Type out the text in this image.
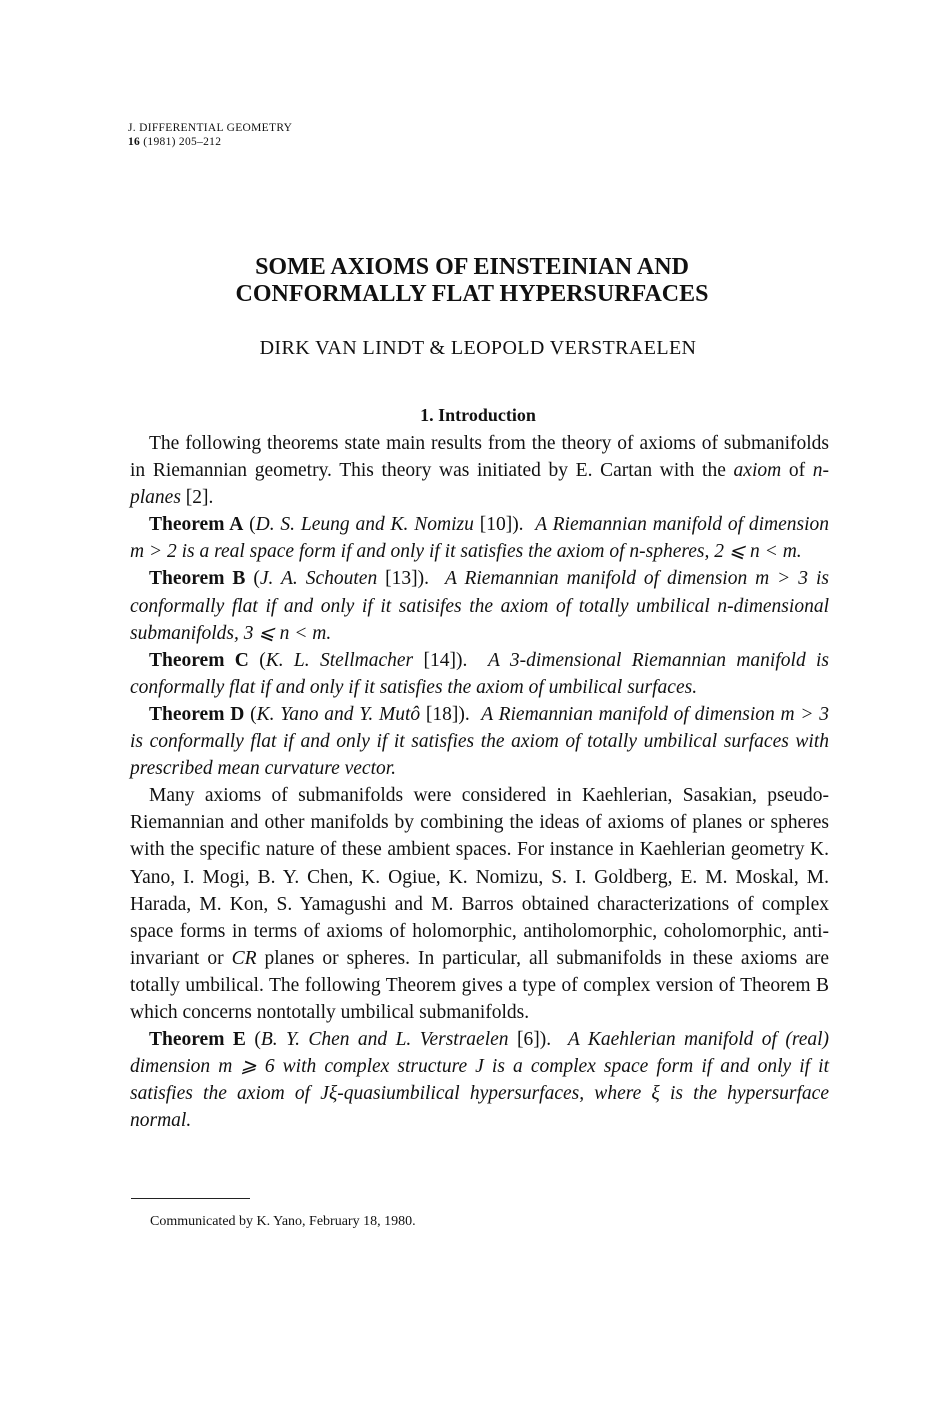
J. DIFFERENTIAL GEOMETRY
16 (1981) 205–212
SOME AXIOMS OF EINSTEINIAN AND
CONFORMALLY FLAT HYPERSURFACES
DIRK VAN LINDT & LEOPOLD VERSTRAELEN
1. Introduction

The following theorems state main results from the theory of axioms of submanifolds in Riemannian geometry. This theory was initiated by E. Cartan with the axiom of n-planes [2].

Theorem A (D. S. Leung and K. Nomizu [10]). A Riemannian manifold of dimension m > 2 is a real space form if and only if it satisfies the axiom of n-spheres, 2 ⩽ n < m.

Theorem B (J. A. Schouten [13]). A Riemannian manifold of dimension m > 3 is conformally flat if and only if it satisifes the axiom of totally umbilical n-dimensional submanifolds, 3 ⩽ n < m.

Theorem C (K. L. Stellmacher [14]). A 3-dimensional Riemannian manifold is conformally flat if and only if it satisfies the axiom of umbilical surfaces.

Theorem D (K. Yano and Y. Mutô [18]). A Riemannian manifold of dimension m > 3 is conformally flat if and only if it satisfies the axiom of totally umbilical surfaces with prescribed mean curvature vector.

Many axioms of submanifolds were considered in Kaehlerian, Sasakian, pseudo-Riemannian and other manifolds by combining the ideas of axioms of planes or spheres with the specific nature of these ambient spaces. For instance in Kaehlerian geometry K. Yano, I. Mogi, B. Y. Chen, K. Ogiue, K. Nomizu, S. I. Goldberg, E. M. Moskal, M. Harada, M. Kon, S. Yamagushi and M. Barros obtained characterizations of complex space forms in terms of axioms of holomorphic, antiholomorphic, coholomorphic, anti-invariant or CR planes or spheres. In particular, all submanifolds in these axioms are totally umbilical. The following Theorem gives a type of complex version of Theorem B which concerns nontotally umbilical submanifolds.

Theorem E (B. Y. Chen and L. Verstraelen [6]). A Kaehlerian manifold of (real) dimension m ⩾ 6 with complex structure J is a complex space form if and only if it satisfies the axiom of Jξ-quasiumbilical hypersurfaces, where ξ is the hypersurface normal.

Communicated by K. Yano, February 18, 1980.
